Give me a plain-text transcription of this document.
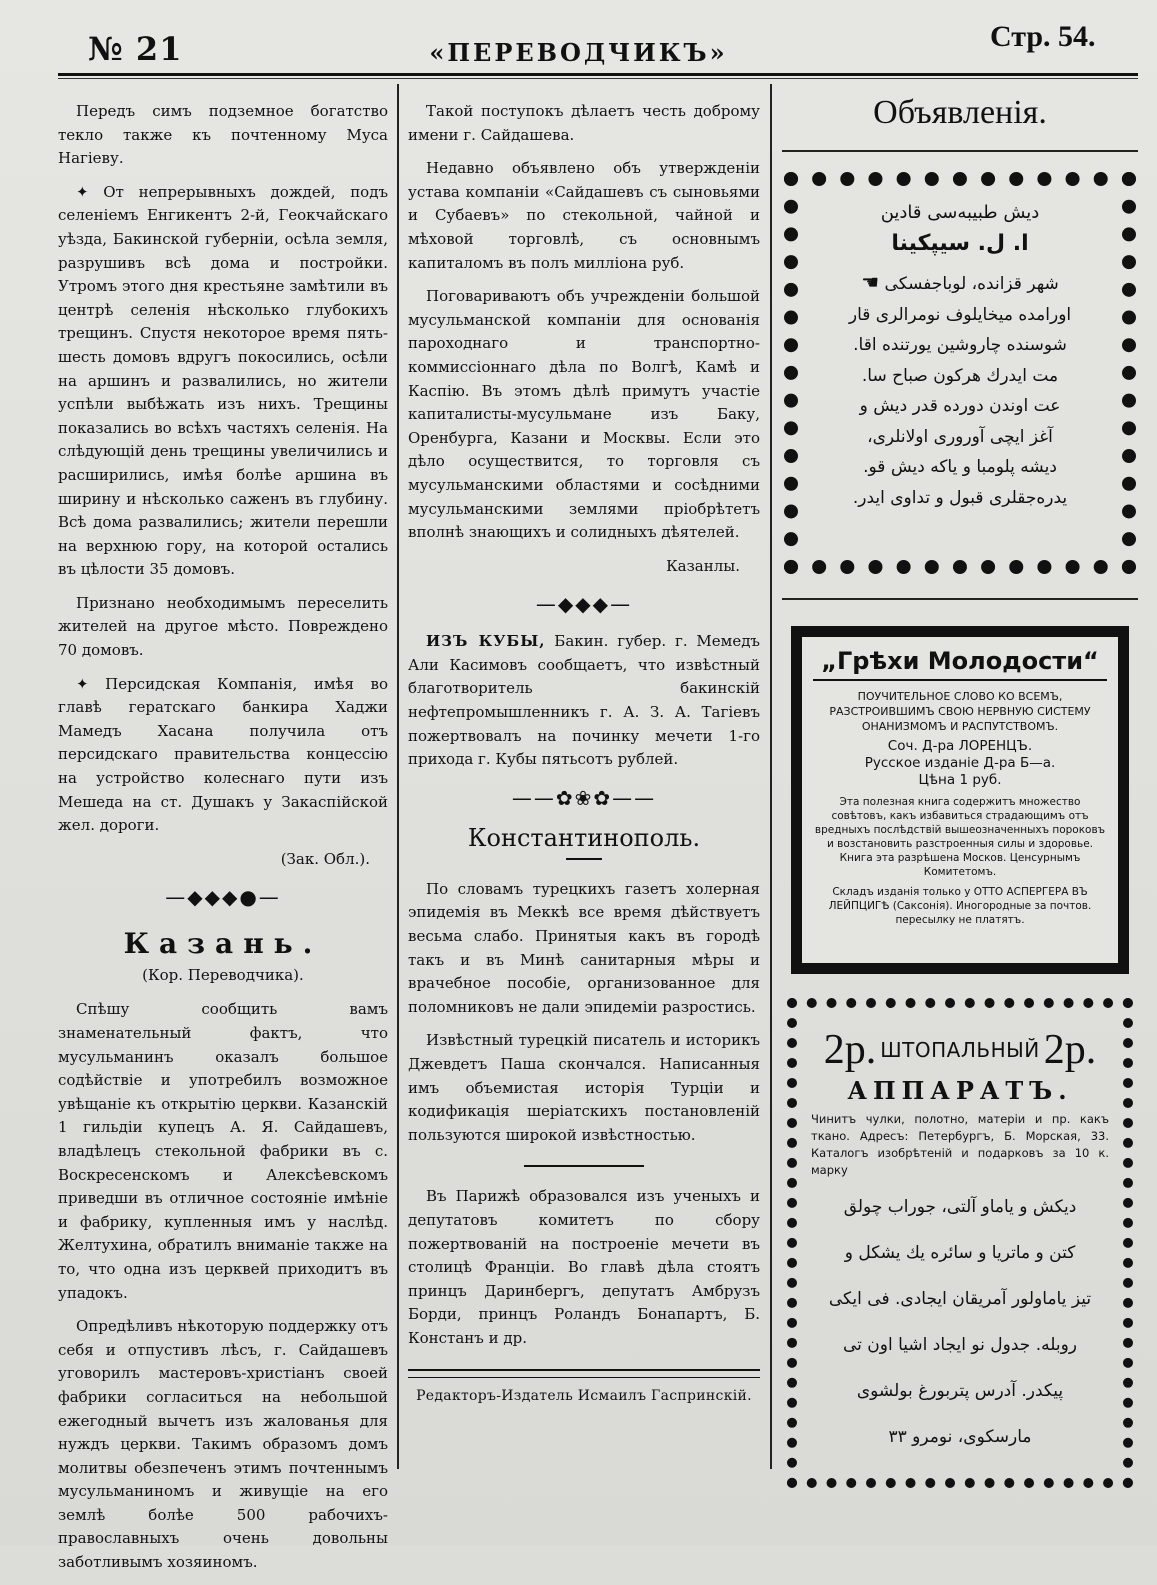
№ 21	«ПЕРЕВОДЧИКЪ»	Стр. 54.

Передъ симъ подземное богатство текло также къ почтенному Муса Нагіеву.

✦ От непрерывныхъ дождей, подъ селеніемъ Енгикентъ 2-й, Геокчайскаго уѣзда, Бакинской губерніи, осѣла земля, разрушивъ всѣ дома и постройки. Утромъ этого дня крестьяне замѣтили въ центрѣ селенія нѣсколько глубокихъ трещинъ. Спустя некоторое время пять-шесть домовъ вдругъ покосились, осѣли на аршинъ и развалились, но жители успѣли выбѣжать изъ нихъ. Трещины показались во всѣхъ частяхъ селенія. На слѣдующій день трещины увеличились и расширились, имѣя болѣе аршина въ ширину и нѣсколько саженъ въ глубину. Всѣ дома развалились; жители перешли на верхнюю гору, на которой остались въ цѣлости 35 домовъ.

Признано необходимымъ переселить жителей на другое мѣсто. Повреждено 70 домовъ.

✦ Персидская Компанія, имѣя во главѣ гератскаго банкира Хаджи Мамедъ Хасана получила отъ персидскаго правительства концессію на устройство колеснаго пути изъ Мешеда на ст. Душакъ у Закаспійской жел. дороги.

(Зак. Обл.).

—◆◆◆●—
Казань.
(Кор. Переводчика).

Спѣшу сообщить вамъ знаменательный фактъ, что мусульманинъ оказалъ большое содѣйствіе и употребилъ возможное увѣщаніе къ открытію церкви. Казанскій 1 гильдіи купецъ А. Я. Сайдашевъ, владѣлецъ стекольной фабрики въ с. Воскресенскомъ и Алексѣевскомъ приведши въ отличное состояніе имѣніе и фабрику, купленныя имъ у наслѣд. Желтухина, обратилъ вниманіе также на то, что одна изъ церквей приходитъ въ упадокъ.

Опредѣливъ нѣкоторую поддержку отъ себя и отпустивъ лѣсъ, г. Сайдашевъ уговорилъ мастеровъ-христіанъ своей фабрики согласиться на небольшой ежегодный вычетъ изъ жалованья для нуждъ церкви. Такимъ образомъ домъ молитвы обезпеченъ этимъ почтеннымъ мусульманиномъ и живущіе на его землѣ болѣе 500 рабочихъ-православныхъ очень довольны заботливымъ хозяиномъ.

Такой поступокъ дѣлаетъ честь доброму имени г. Сайдашева.

Недавно объявлено объ утвержденіи устава компаніи «Сайдашевъ съ сыновьями и Субаевъ» по стекольной, чайной и мѣховой торговлѣ, съ основнымъ капиталомъ въ полъ милліона руб.

Поговариваютъ объ учрежденіи большой мусульманской компаніи для основанія пароходнаго и транспортно-коммиссіоннаго дѣла по Волгѣ, Камѣ и Каспію. Въ этомъ дѣлѣ примутъ участіе капиталисты-мусульмане изъ Баку, Оренбурга, Казани и Москвы. Если это дѣло осуществится, то торговля съ мусульманскими областями и сосѣдними мусульманскими землями пріобрѣтетъ вполнѣ знающихъ и солидныхъ дѣятелей.

Казанлы.

—◆◆◆—

ИЗЪ КУБЫ, Бакин. губер. г. Мемедъ Али Касимовъ сообщаетъ, что извѣстный благотворитель бакинскій нефтепромышленникъ г. А. З. А. Тагіевъ пожертвовалъ на починку мечети 1-го прихода г. Кубы пятьсотъ рублей.

——✿❀✿——
Константинополь.

По словамъ турецкихъ газетъ холерная эпидемія въ Меккѣ все время дѣйствуетъ весьма слабо. Принятыя какъ въ городѣ такъ и въ Минѣ санитарныя мѣры и врачебное пособіе, организованное для поломниковъ не дали эпидеміи разростись.

Извѣстный турецкій писатель и историкъ Джевдетъ Паша скончался. Написанныя имъ объемистая исторія Турціи и кодификація шеріатскихъ постановленій пользуются широкой извѣстностью.

Въ Парижѣ образовался изъ ученыхъ и депутатовъ комитетъ по сбору пожертвованій на построеніе мечети въ столицѣ Франціи. Во главѣ дѣла стоятъ принцъ Даринбергъ, депутатъ Амбрузъ Борди, принцъ Роландъ Бонапартъ, Б. Констанъ и др.

Редакторъ-Издатель Исмаилъ Гаспринскій.
Объявленія.
دیش طبیبه‌سی قادین
ا. ل. سیپکینا
شهر قزانده، لوباجفسکی ☚
اورامده میخایلوف نومرالری قار
شوسنده چاروشین یورتنده اقا.
مت ایدرك هركون صباح سا.
عت اوندن دورده قدر دیش و
آغز ایچی آوروری اولانلری،
دیشه پلومبا و یاکه دیش قو.
یدره‌جقلری قبول و تداوی ایدر.
„Грѣхи Молодости“
ПОУЧИТЕЛЬНОЕ СЛОВО КО ВСЕМЪ, РАЗСТРОИВШИМЪ СВОЮ НЕРВНУЮ СИСТЕМУ ОНАНИЗМОМЪ И РАСПУТСТВОМЪ.
Соч. Д-ра ЛОРЕНЦЪ.
Русское изданіе Д-ра Б—а.
Цѣна 1 руб.
Эта полезная книга содержитъ множество совѣтовъ, какъ избавиться страдающимъ отъ вредныхъ послѣдствій вышеозначенныхъ пороковъ и возстановить разстроенныя силы и здоровье. Книга эта разрѣшена Москов. Ценсурнымъ Комитетомъ.
Складъ изданія только у ОТТО АСПЕРГЕРА ВЪ ЛЕЙПЦИГѢ (Саксонія). Иногородные за почтов. пересылку не платятъ.
2р. ШТОПАЛЬНЫЙ 2р.
АППАРАТЪ.
Чинитъ чулки, полотно, матеріи и пр. какъ ткано. Адресъ: Петербургъ, Б. Морская, 33. Каталогъ изобрѣтеній и подарковъ за 10 к. марку
دیکش و یاماو آلتی، جوراب چولق
کتن و ماتریا و سائره یك یشکل و
تیز یاماولور آمریقان ایجادی. فی ایکی
روبله. جدول نو ایجاد اشیا اون تی
پیکدر. آدرس پتربورغ بولشوی
مارسکوی، نومرو ۳۳
